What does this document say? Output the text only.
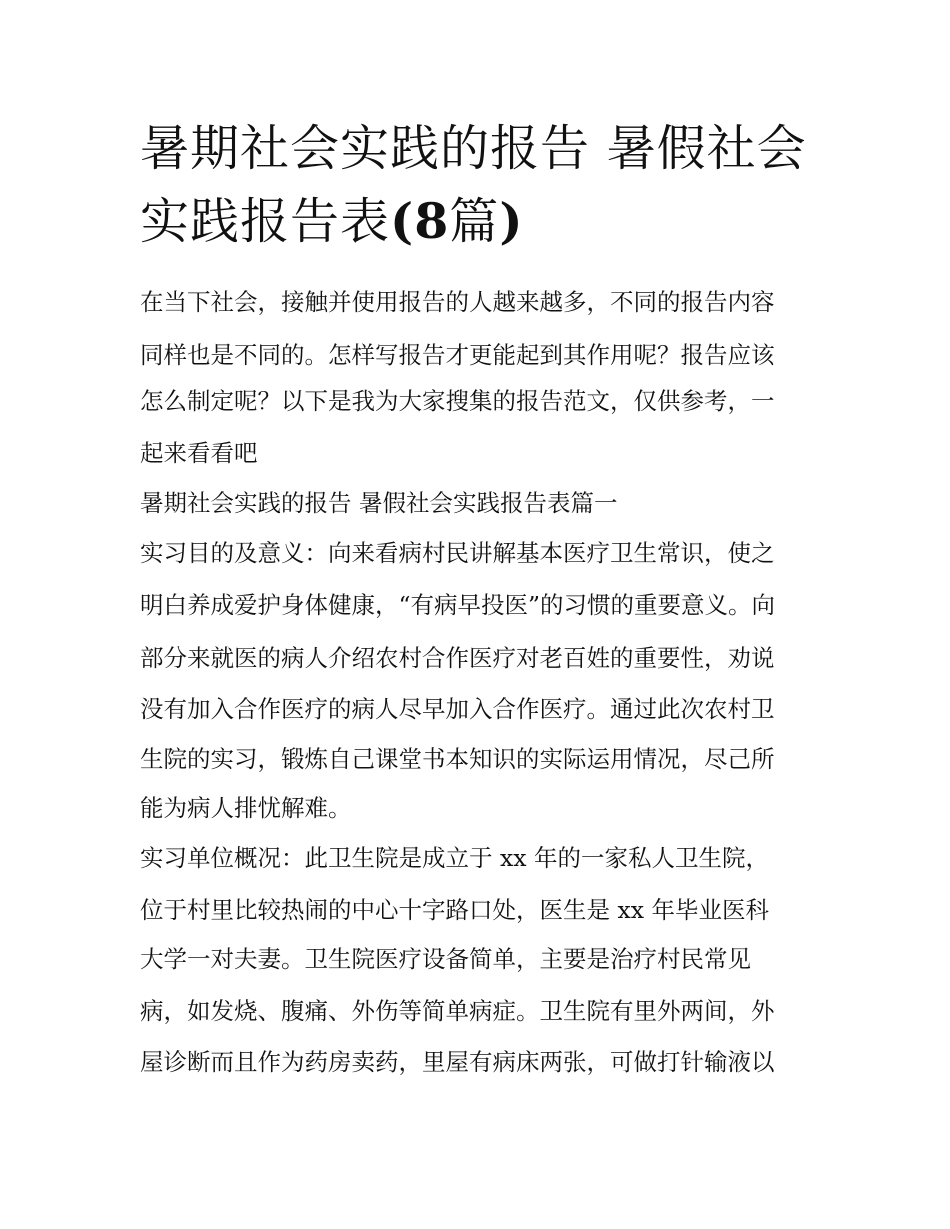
暑期社会实践的报告 暑假社会
实践报告表(8篇)
在当下社会，接触并使用报告的人越来越多，不同的报告内容
同样也是不同的。怎样写报告才更能起到其作用呢？报告应该
怎么制定呢？以下是我为大家搜集的报告范文，仅供参考，一
起来看看吧
暑期社会实践的报告 暑假社会实践报告表篇一
实习目的及意义：向来看病村民讲解基本医疗卫生常识，使之
明白养成爱护身体健康，“有病早投医”的习惯的重要意义。向
部分来就医的病人介绍农村合作医疗对老百姓的重要性，劝说
没有加入合作医疗的病人尽早加入合作医疗。通过此次农村卫
生院的实习，锻炼自己课堂书本知识的实际运用情况，尽己所
能为病人排忧解难。
实习单位概况：此卫生院是成立于 xx 年的一家私人卫生院，
位于村里比较热闹的中心十字路口处，医生是 xx 年毕业医科
大学一对夫妻。卫生院医疗设备简单，主要是治疗村民常见
病，如发烧、腹痛、外伤等简单病症。卫生院有里外两间，外
屋诊断而且作为药房卖药，里屋有病床两张，可做打针输液以
